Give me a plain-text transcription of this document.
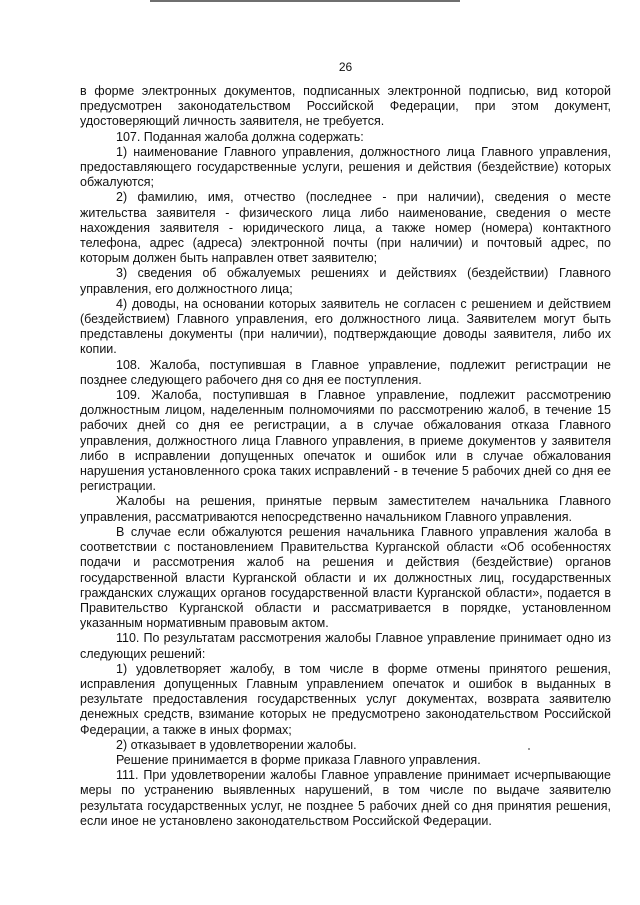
26

в форме электронных документов, подписанных электронной подписью, вид которой предусмотрен законодательством Российской Федерации, при этом документ, удостоверяющий личность заявителя, не требуется.

107. Поданная жалоба должна содержать:

1) наименование Главного управления, должностного лица Главного управления, предоставляющего государственные услуги, решения и действия (бездействие) которых обжалуются;

2) фамилию, имя, отчество (последнее - при наличии), сведения о месте жительства заявителя - физического лица либо наименование, сведения о месте нахождения заявителя - юридического лица, а также номер (номера) контактного телефона, адрес (адреса) электронной почты (при наличии) и почтовый адрес, по которым должен быть направлен ответ заявителю;

3) сведения об обжалуемых решениях и действиях (бездействии) Главного управления, его должностного лица;

4) доводы, на основании которых заявитель не согласен с решением и действием (бездействием) Главного управления, его должностного лица. Заявителем могут быть представлены документы (при наличии), подтверждающие доводы заявителя, либо их копии.

108. Жалоба, поступившая в Главное управление, подлежит регистрации не позднее следующего рабочего дня со дня ее поступления.

109. Жалоба, поступившая в Главное управление, подлежит рассмотрению должностным лицом, наделенным полномочиями по рассмотрению жалоб, в течение 15 рабочих дней со дня ее регистрации, а в случае обжалования отказа Главного управления, должностного лица Главного управления, в приеме документов у заявителя либо в исправлении допущенных опечаток и ошибок или в случае обжалования нарушения установленного срока таких исправлений - в течение 5 рабочих дней со дня ее регистрации.

Жалобы на решения, принятые первым заместителем начальника Главного управления, рассматриваются непосредственно начальником Главного управления.

В случае если обжалуются решения начальника Главного управления жалоба в соответствии с постановлением Правительства Курганской области «Об особенностях подачи и рассмотрения жалоб на решения и действия (бездействие) органов государственной власти Курганской области и их должностных лиц, государственных гражданских служащих органов государственной власти Курганской области», подается в Правительство Курганской области и рассматривается в порядке, установленном указанным нормативным правовым актом.

110. По результатам рассмотрения жалобы Главное управление принимает одно из следующих решений:

1) удовлетворяет жалобу, в том числе в форме отмены принятого решения, исправления допущенных Главным управлением опечаток и ошибок в выданных в результате предоставления государственных услуг документах, возврата заявителю денежных средств, взимание которых не предусмотрено законодательством Российской Федерации, а также в иных формах;

2) отказывает в удовлетворении жалобы.

Решение принимается в форме приказа Главного управления.

111. При удовлетворении жалобы Главное управление принимает исчерпывающие меры по устранению выявленных нарушений, в том числе по выдаче заявителю результата государственных услуг, не позднее 5 рабочих дней со дня принятия решения, если иное не установлено законодательством Российской Федерации.
